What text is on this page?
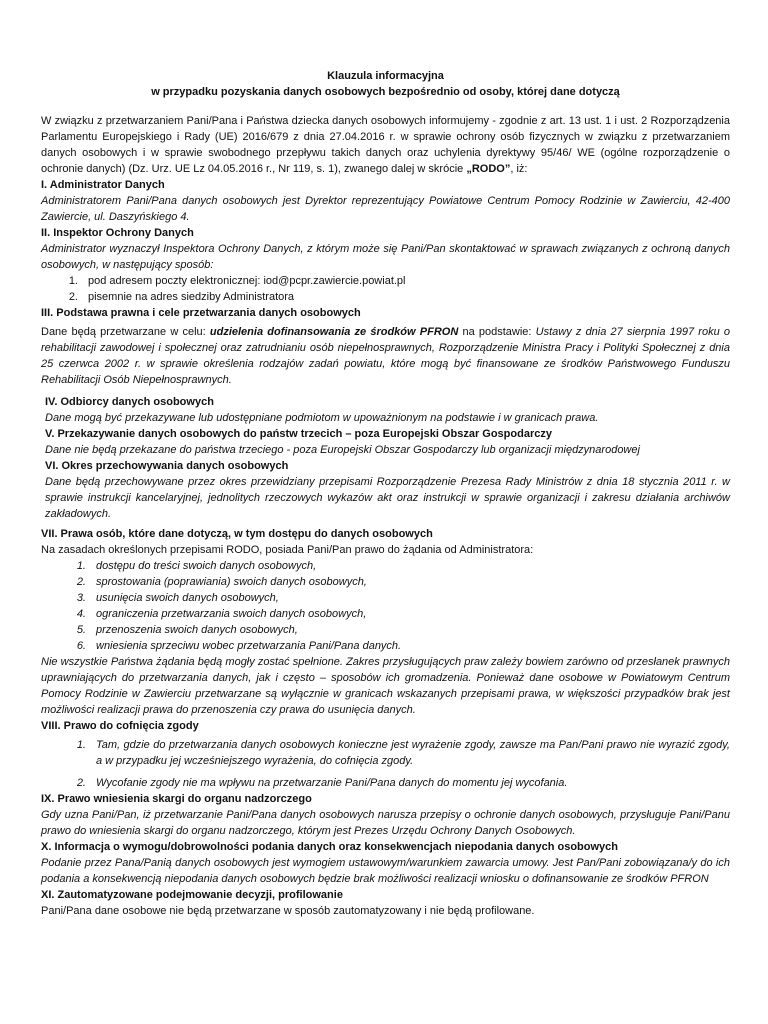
Klauzula informacyjna
w przypadku pozyskania danych osobowych bezpośrednio od osoby, której dane dotyczą
W związku z przetwarzaniem Pani/Pana i Państwa dziecka danych osobowych informujemy - zgodnie z art. 13 ust. 1 i ust. 2 Rozporządzenia Parlamentu Europejskiego i Rady (UE) 2016/679 z dnia 27.04.2016 r. w sprawie ochrony osób fizycznych w związku z przetwarzaniem danych osobowych i w sprawie swobodnego przepływu takich danych oraz uchylenia dyrektywy 95/46/ WE (ogólne rozporządzenie o ochronie danych) (Dz. Urz. UE Lz 04.05.2016 r., Nr 119, s. 1), zwanego dalej w skrócie „RODO”, iż:
I. Administrator Danych
Administratorem Pani/Pana danych osobowych jest Dyrektor reprezentujący Powiatowe Centrum Pomocy Rodzinie w Zawierciu, 42-400 Zawiercie, ul. Daszyńskiego 4.
II. Inspektor Ochrony Danych
Administrator wyznaczył Inspektora Ochrony Danych, z którym może się Pani/Pan skontaktować w sprawach związanych z ochroną danych osobowych, w następujący sposób:
1. pod adresem poczty elektronicznej: iod@pcpr.zawiercie.powiat.pl
2. pisemnie na adres siedziby Administratora
III. Podstawa prawna i cele przetwarzania danych osobowych
Dane będą przetwarzane w celu: udzielenia dofinansowania ze środków PFRON na podstawie: Ustawy z dnia 27 sierpnia 1997 roku o rehabilitacji zawodowej i społecznej oraz zatrudnianiu osób niepełnosprawnych, Rozporządzenie Ministra Pracy i Polityki Społecznej z dnia 25 czerwca 2002 r. w sprawie określenia rodzajów zadań powiatu, które mogą być finansowane ze środków Państwowego Funduszu Rehabilitacji Osób Niepełnosprawnych.
IV. Odbiorcy danych osobowych
Dane mogą być przekazywane lub udostępniane podmiotom w upoważnionym na podstawie i w granicach prawa.
V. Przekazywanie danych osobowych do państw trzecich – poza Europejski Obszar Gospodarczy
Dane nie będą przekazane do państwa trzeciego - poza Europejski Obszar Gospodarczy lub organizacji międzynarodowej
VI. Okres przechowywania danych osobowych
Dane będą przechowywane przez okres przewidziany przepisami Rozporządzenie Prezesa Rady Ministrów z dnia 18 stycznia 2011 r. w sprawie instrukcji kancelaryjnej, jednolitych rzeczowych wykazów akt oraz instrukcji w sprawie organizacji i zakresu działania archiwów zakładowych.
VII. Prawa osób, które dane dotyczą, w tym dostępu do danych osobowych
Na zasadach określonych przepisami RODO, posiada Pani/Pan prawo do żądania od Administratora:
1. dostępu do treści swoich danych osobowych,
2. sprostowania (poprawiania) swoich danych osobowych,
3. usunięcia swoich danych osobowych,
4. ograniczenia przetwarzania swoich danych osobowych,
5. przenoszenia swoich danych osobowych,
6. wniesienia sprzeciwu wobec przetwarzania Pani/Pana danych.
Nie wszystkie Państwa żądania będą mogły zostać spełnione. Zakres przysługujących praw zależy bowiem zarówno od przesłanek prawnych uprawniających do przetwarzania danych, jak i często – sposobów ich gromadzenia. Ponieważ dane osobowe w Powiatowym Centrum Pomocy Rodzinie w Zawierciu przetwarzane są wyłącznie w granicach wskazanych przepisami prawa, w większości przypadków brak jest możliwości realizacji prawa do przenoszenia czy prawa do usunięcia danych.
VIII. Prawo do cofnięcia zgody
1. Tam, gdzie do przetwarzania danych osobowych konieczne jest wyrażenie zgody, zawsze ma Pan/Pani prawo nie wyrazić zgody, a w przypadku jej wcześniejszego wyrażenia, do cofnięcia zgody.
2. Wycofanie zgody nie ma wpływu na przetwarzanie Pani/Pana danych do momentu jej wycofania.
IX. Prawo wniesienia skargi do organu nadzorczego
Gdy uzna Pani/Pan, iż przetwarzanie Pani/Pana danych osobowych narusza przepisy o ochronie danych osobowych, przysługuje Pani/Panu prawo do wniesienia skargi do organu nadzorczego, którym jest Prezes Urzędu Ochrony Danych Osobowych.
X. Informacja o wymogu/dobrowolności podania danych oraz konsekwencjach niepodania danych osobowych
Podanie przez Pana/Panią danych osobowych jest wymogiem ustawowym/warunkiem zawarcia umowy. Jest Pan/Pani zobowiązana/y do ich podania a konsekwencją niepodania danych osobowych będzie brak możliwości realizacji wniosku o dofinansowanie ze środków PFRON
XI. Zautomatyzowane podejmowanie decyzji, profilowanie
Pani/Pana dane osobowe nie będą przetwarzane w sposób zautomatyzowany i nie będą profilowane.
